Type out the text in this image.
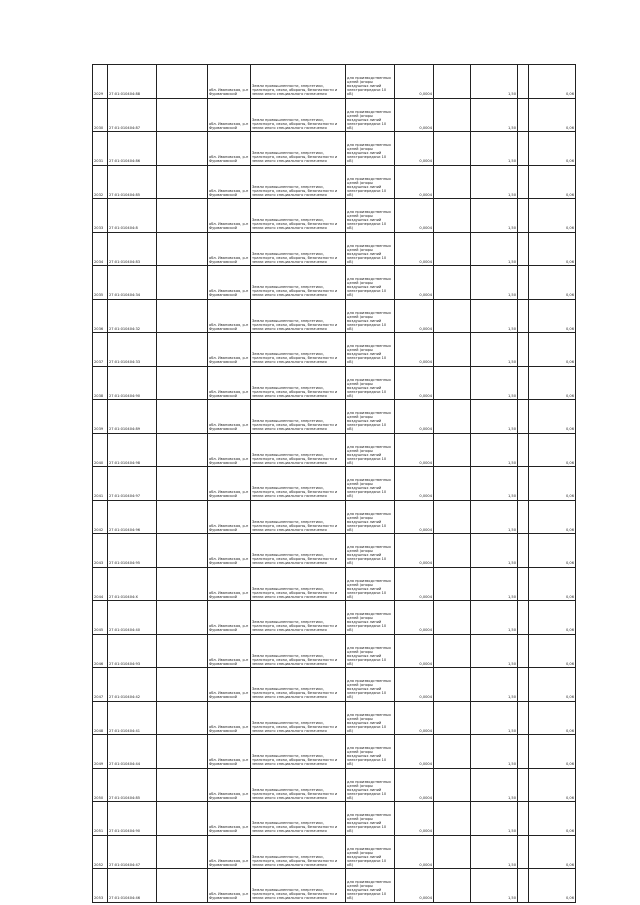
2029	27:01:010404:88		обл. Ивановская, р-н Фурмановский	Земли промышленности, энергетики, транспорта, связи, обороны, безопасности и земли иного специального назначения	для производственных целей (опоры воздушных линий электропередачи 10 кВ)	0,0004		1,50		0,06
2030	27:01:010404:87		обл. Ивановская, р-н Фурмановский	Земли промышленности, энергетики, транспорта, связи, обороны, безопасности и земли иного специального назначения	для производственных целей (опоры воздушных линий электропередачи 10 кВ)	0,0004		1,50		0,06
2031	27:01:010404:86		обл. Ивановская, р-н Фурмановский	Земли промышленности, энергетики, транспорта, связи, обороны, безопасности и земли иного специального назначения	для производственных целей (опоры воздушных линий электропередачи 10 кВ)	0,0004		1,50		0,06
2032	27:01:010404:85		обл. Ивановская, р-н Фурмановский	Земли промышленности, энергетики, транспорта, связи, обороны, безопасности и земли иного специального назначения	для производственных целей (опоры воздушных линий электропередачи 10 кВ)	0,0004		1,50		0,06
2033	27:01:010404:8		обл. Ивановская, р-н Фурмановский	Земли промышленности, энергетики, транспорта, связи, обороны, безопасности и земли иного специального назначения	для производственных целей (опоры воздушных линий электропередачи 10 кВ)	0,0004		1,50		0,06
2034	27:01:010404:83		обл. Ивановская, р-н Фурмановский	Земли промышленности, энергетики, транспорта, связи, обороны, безопасности и земли иного специального назначения	для производственных целей (опоры воздушных линий электропередачи 10 кВ)	0,0004		1,50		0,06
2035	27:01:010404:34		обл. Ивановская, р-н Фурмановский	Земли промышленности, энергетики, транспорта, связи, обороны, безопасности и земли иного специального назначения	для производственных целей (опоры воздушных линий электропередачи 10 кВ)	0,0004		1,50		0,06
2036	27:01:010404:32		обл. Ивановская, р-н Фурмановский	Земли промышленности, энергетики, транспорта, связи, обороны, безопасности и земли иного специального назначения	для производственных целей (опоры воздушных линий электропередачи 10 кВ)	0,0004		1,50		0,06
2037	27:01:010404:33		обл. Ивановская, р-н Фурмановский	Земли промышленности, энергетики, транспорта, связи, обороны, безопасности и земли иного специального назначения	для производственных целей (опоры воздушных линий электропередачи 10 кВ)	0,0004		1,50		0,06
2038	27:01:010404:90		обл. Ивановская, р-н Фурмановский	Земли промышленности, энергетики, транспорта, связи, обороны, безопасности и земли иного специального назначения	для производственных целей (опоры воздушных линий электропередачи 10 кВ)	0,0004		1,50		0,06
2039	27:01:010404:89		обл. Ивановская, р-н Фурмановский	Земли промышленности, энергетики, транспорта, связи, обороны, безопасности и земли иного специального назначения	для производственных целей (опоры воздушных линий электропередачи 10 кВ)	0,0004		1,50		0,06
2040	27:01:010404:98		обл. Ивановская, р-н Фурмановский	Земли промышленности, энергетики, транспорта, связи, обороны, безопасности и земли иного специального назначения	для производственных целей (опоры воздушных линий электропередачи 10 кВ)	0,0004		1,50		0,06
2041	27:01:010404:97		обл. Ивановская, р-н Фурмановский	Земли промышленности, энергетики, транспорта, связи, обороны, безопасности и земли иного специального назначения	для производственных целей (опоры воздушных линий электропередачи 10 кВ)	0,0004		1,50		0,06
2042	27:01:010404:96		обл. Ивановская, р-н Фурмановский	Земли промышленности, энергетики, транспорта, связи, обороны, безопасности и земли иного специального назначения	для производственных целей (опоры воздушных линий электропередачи 10 кВ)	0,0004		1,50		0,06
2043	27:01:010404:95		обл. Ивановская, р-н Фурмановский	Земли промышленности, энергетики, транспорта, связи, обороны, безопасности и земли иного специального назначения	для производственных целей (опоры воздушных линий электропередачи 10 кВ)	0,0004		1,50		0,06
2044	27:01:010404:X		обл. Ивановская, р-н Фурмановский	Земли промышленности, энергетики, транспорта, связи, обороны, безопасности и земли иного специального назначения	для производственных целей (опоры воздушных линий электропередачи 10 кВ)	0,0004		1,50		0,06
2045	27:01:010404:40		обл. Ивановская, р-н Фурмановский	Земли промышленности, энергетики, транспорта, связи, обороны, безопасности и земли иного специального назначения	для производственных целей (опоры воздушных линий электропередачи 10 кВ)	0,0004		1,50		0,06
2046	27:01:010404:93		обл. Ивановская, р-н Фурмановский	Земли промышленности, энергетики, транспорта, связи, обороны, безопасности и земли иного специального назначения	для производственных целей (опоры воздушных линий электропередачи 10 кВ)	0,0004		1,50		0,06
2047	27:01:010404:42		обл. Ивановская, р-н Фурмановский	Земли промышленности, энергетики, транспорта, связи, обороны, безопасности и земли иного специального назначения	для производственных целей (опоры воздушных линий электропередачи 10 кВ)	0,0004		1,50		0,06
2048	27:01:010404:41		обл. Ивановская, р-н Фурмановский	Земли промышленности, энергетики, транспорта, связи, обороны, безопасности и земли иного специального назначения	для производственных целей (опоры воздушных линий электропередачи 10 кВ)	0,0004		1,50		0,06
2049	27:01:010404:44		обл. Ивановская, р-н Фурмановский	Земли промышленности, энергетики, транспорта, связи, обороны, безопасности и земли иного специального назначения	для производственных целей (опоры воздушных линий электропередачи 10 кВ)	0,0004		1,50		0,06
2050	27:01:010404:85		обл. Ивановская, р-н Фурмановский	Земли промышленности, энергетики, транспорта, связи, обороны, безопасности и земли иного специального назначения	для производственных целей (опоры воздушных линий электропередачи 10 кВ)	0,0004		1,50		0,06
2051	27:01:010404:90		обл. Ивановская, р-н Фурмановский	Земли промышленности, энергетики, транспорта, связи, обороны, безопасности и земли иного специального назначения	для производственных целей (опоры воздушных линий электропередачи 10 кВ)	0,0004		1,50		0,06
2052	27:01:010404:47		обл. Ивановская, р-н Фурмановский	Земли промышленности, энергетики, транспорта, связи, обороны, безопасности и земли иного специального назначения	для производственных целей (опоры воздушных линий электропередачи 10 кВ)	0,0004		1,50		0,06
2053	27:01:010404:46		обл. Ивановская, р-н Фурмановский	Земли промышленности, энергетики, транспорта, связи, обороны, безопасности и земли иного специального назначения	для производственных целей (опоры воздушных линий электропередачи 10 кВ)	0,0004		1,50		0,06
